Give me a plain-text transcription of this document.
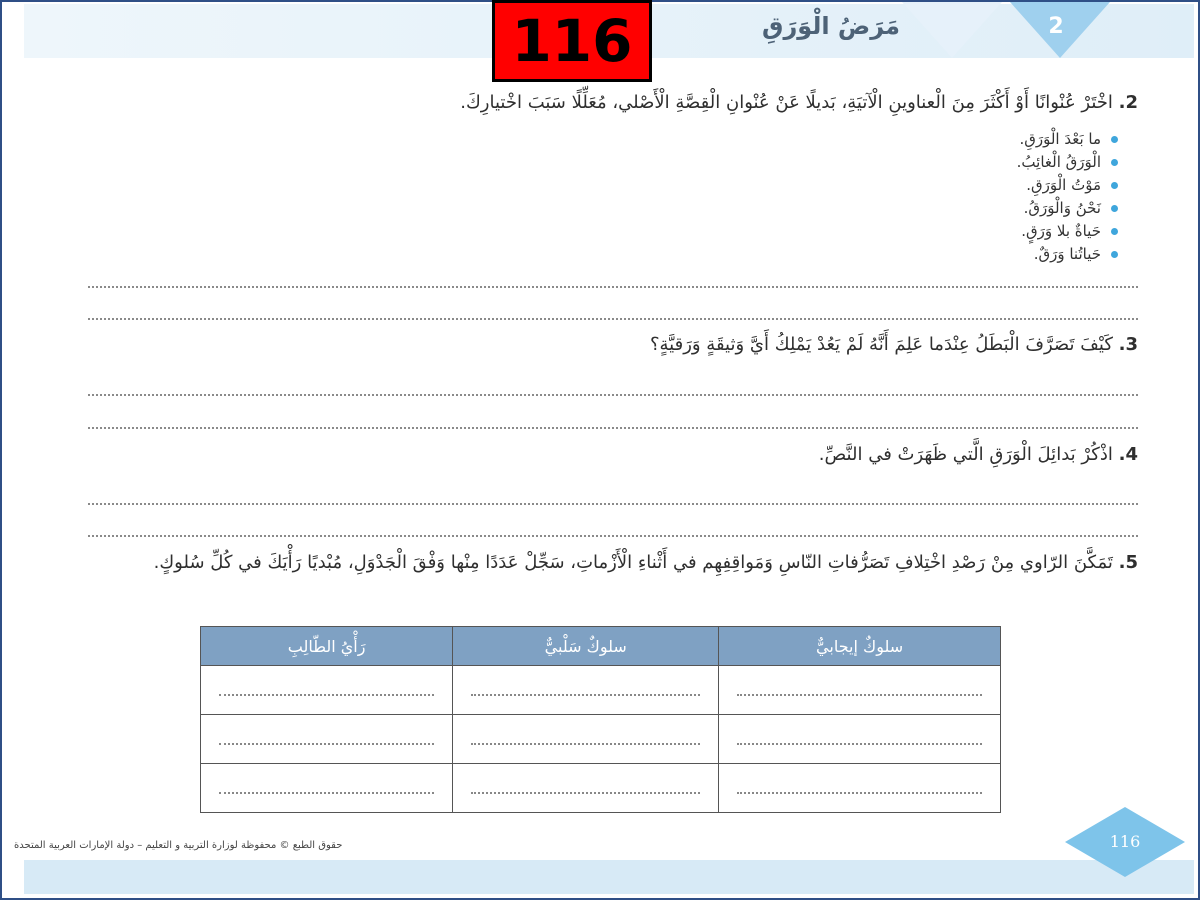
2
مَرَضُ الْوَرَقِ
116
2. اخْتَرْ عُنْوانًا أَوْ أَكْثَرَ مِنَ الْعناوينِ الْآتيَةِ، بَديلًا عَنْ عُنْوانِ الْقِصَّةِ الْأَصْلي، مُعَلِّلًا سَبَبَ اخْتيارِكَ.
ما بَعْدَ الْوَرَقِ.
الْوَرَقُ الْغائِبُ.
مَوْتُ الْوَرَقِ.
نَحْنُ وَالْوَرَقُ.
حَياةٌ بلا وَرَقٍ.
حَياتُنا وَرَقٌ.
3. كَيْفَ تَصَرَّفَ الْبَطَلُ عِنْدَما عَلِمَ أَنَّهُ لَمْ يَعُدْ يَمْلِكُ أَيَّ وَثيقَةٍ وَرَقيَّةٍ؟
4. اذْكُرْ بَدائِلَ الْوَرَقِ الَّتي ظَهَرَتْ في النَّصِّ.
5. تَمَكَّنَ الرّاوي مِنْ رَصْدِ اخْتِلافِ تَصَرُّفاتِ النّاسِ وَمَواقِفِهِم في أَثْناءِ الْأَزْماتِ، سَجِّلْ عَدَدًا مِنْها وَفْقَ الْجَدْوَلِ، مُبْديًا رَأْيَكَ في كُلِّ سُلوكٍ.
سلوكٌ إيجابيٌّ	سلوكٌ سَلْبيٌّ	رَأْيُ الطّالِبِ

حقوق الطبع © محفوظة لوزارة التربية و التعليم – دولة الإمارات العربية المتحدة	116
